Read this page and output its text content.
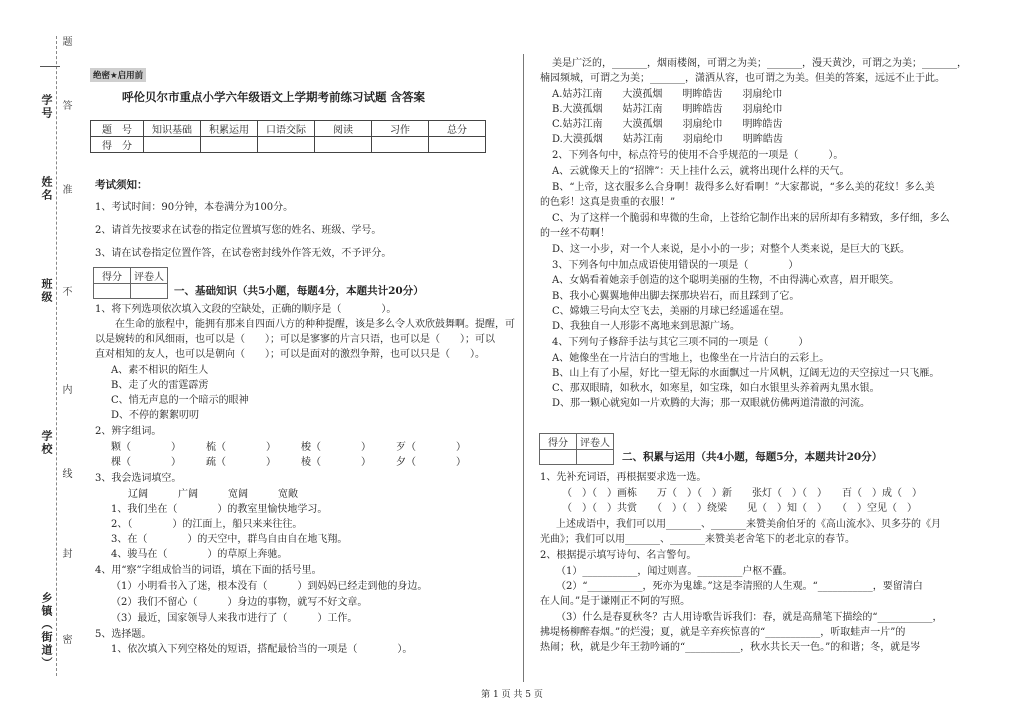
学号
姓名
班级
学校
乡镇（街道）
题
答
准
不
内
线
封
密
绝密★启用前
呼伦贝尔市重点小学六年级语文上学期考前练习试题 含答案
题　号	知识基础	积累运用	口语交际	阅读	习作	总分
得　分						
考试须知：
1、考试时间：90分钟，本卷满分为100分。
2、请首先按要求在试卷的指定位置填写您的姓名、班级、学号。
3、请在试卷指定位置作答，在试卷密封线外作答无效，不予评分。
得分	评卷人

一、基础知识（共5小题，每题4分，本题共计20分）
1、将下列选项依次填入文段的空缺处，正确的顺序是（　　　　）。
　　在生命的旅程中，能拥有那来自四面八方的种种提醒，该是多么令人欢欣鼓舞啊。提醒，可
以是婉转的和风细雨，也可以是（　　）；可以是寥寥的片言只语，也可以是（　　）；可以
直对相知的友人，也可以是朝向（　　）；可以是面对的激烈争辩，也可以只是（　　）。
A、素不相识的陌生人
B、走了火的雷霆霹雳
C、悄无声息的一个暗示的眼神
D、不停的絮絮叨叨
2、辨字组词。
颗（　　　　）　　　梳（　　　　）　　　梭（　　　　）　　　歹（　　　　）
棵（　　　　）　　　疏（　　　　）　　　棱（　　　　）　　　夕（　　　　）
3、我会选词填空。
辽阔　　　广阔　　　宽阔　　　宽敞
1、我们坐在（　　　　）的教室里愉快地学习。
2、（　　　　）的江面上，船只来来往往。
3、在（　　　　）的天空中，群鸟自由自在地飞翔。
4、骏马在（　　　　）的草原上奔驰。
4、用“察”字组成恰当的词语，填在下面的括号里。
（1）小明看书入了迷，根本没有（　　　）到妈妈已经走到他的身边。
（2）我们不留心（　　　）身边的事物，就写不好文章。
（3）最近，国家领导人来我市进行了（　　　）工作。
5、选择题。
1、依次填入下列空格处的短语，搭配最恰当的一项是（　　　　）。
美是广泛的，_______，烟雨楼阁，可谓之为美；_______，漫天黄沙，可谓之为美；_______，
楠园频城，可谓之为美；_______，潇洒从容，也可谓之为美。但美的答案，远远不止于此。
A.姑苏江南　　大漠孤烟　　明眸皓齿　　羽扇纶巾
B.大漠孤烟　　姑苏江南　　明眸皓齿　　羽扇纶巾
C.姑苏江南　　大漠孤烟　　羽扇纶巾　　明眸皓齿
D.大漠孤烟　　姑苏江南　　羽扇纶巾　　明眸皓齿
2、下列各句中，标点符号的使用不合乎规范的一项是（　　　）。
A、云就像天上的“招牌”：天上挂什么云，就将出现什么样的天气。
B、“上帝，这衣服多么合身啊！裁得多么好看啊！”大家都说，“多么美的花纹！多么美
的色彩！这真是贵重的衣服！”
C、为了这样一个脆弱和卑微的生命，上苍给它制作出来的居所却有多精致，多仔细，多么
的一丝不苟啊！
D、这一小步，对一个人来说，是小小的一步；对整个人类来说，是巨大的飞跃。
3、下列各句中加点成语使用错误的一项是（　　　　）
A、女娲看着她亲手创造的这个聪明美丽的生物，不由得满心欢喜，眉开眼笑。
B、我小心翼翼地伸出脚去探那块岩石，而且踩到了它。
C、嫦娥三号向太空飞去，美丽的月球已经遥遥在望。
D、我独自一人形影不离地来到思源广场。
4、下列句子修辞手法与其它三项不同的一项是（　　　）
A、她像坐在一片洁白的雪地上，也像坐在一片洁白的云彩上。
B、山上有了小屋，好比一望无际的水面飘过一片风帆，辽阔无边的天空掠过一只飞雁。
C、那双眼睛，如秋水，如寒星，如宝珠，如白水银里头养着两丸黑水银。
D、那一颗心就宛如一片欢腾的大海；那一双眼就仿佛两道清澈的河流。
得分	评卷人

二、积累与运用（共4小题，每题5分，本题共计20分）
1、先补充词语，再根据要求选一选。
（　）（　）画栋　　万（　）（　）新　　张灯（　）（　）　　百（　）成（　）
（　）（　）共赏　　（　）（　）绕梁　　见（　）知（　）　　（　）空见（　）
上述成语中，我们可以用_______、_______来赞美俞伯牙的《高山流水》、贝多芬的《月
光曲》；我们可以用_______、_______来赞美老舍笔下的老北京的春节。
2、根据提示填写诗句、名言警句。
（1）___________，闻过则喜。_________户枢不蠹。
（2）“___________，死亦为鬼雄。”这是李清照的人生观。“___________，要留清白
在人间。”是于谦刚正不阿的写照。
（3）什么是春夏秋冬？古人用诗歌告诉我们：春，就是高鼎笔下描绘的“___________，
拂堤杨柳醉春烟。”的烂漫；夏，就是辛弃疾惊喜的“___________，听取蛙声一片”的
热闹；秋，就是少年王勃吟诵的“___________，秋水共长天一色。”的和谐；冬，就是岑
第 1 页 共 5 页
